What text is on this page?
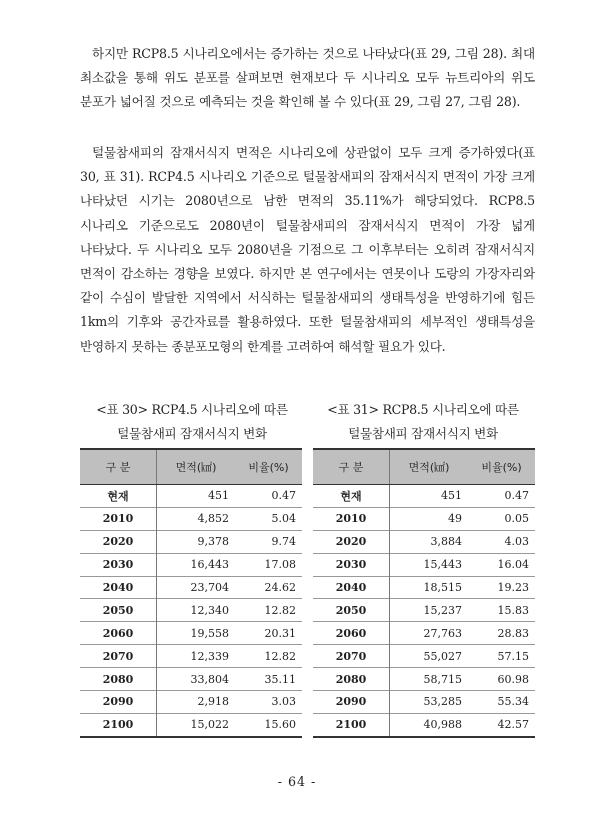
하지만 RCP8.5 시나리오에서는 증가하는 것으로 나타났다(표 29, 그림 28). 최대 최소값을 통해 위도 분포를 살펴보면 현재보다 두 시나리오 모두 뉴트리아의 위도 분포가 넓어질 것으로 예측되는 것을 확인해 볼 수 있다(표 29, 그림 27, 그림 28).

털물참새피의 잠재서식지 면적은 시나리오에 상관없이 모두 크게 증가하였다(표 30, 표 31). RCP4.5 시나리오 기준으로 털물참새피의 잠재서식지 면적이 가장 크게 나타났던 시기는 2080년으로 남한 면적의 35.11%가 해당되었다. RCP8.5 시나리오 기준으로도 2080년이 털물참새피의 잠재서식지 면적이 가장 넓게 나타났다. 두 시나리오 모두 2080년을 기점으로 그 이후부터는 오히려 잠재서식지 면적이 감소하는 경향을 보였다. 하지만 본 연구에서는 연못이나 도랑의 가장자리와 같이 수심이 발달한 지역에서 서식하는 털물참새피의 생태특성을 반영하기에 힘든 1km의 기후와 공간자료를 활용하였다. 또한 털물참새피의 세부적인 생태특성을 반영하지 못하는 종분포모형의 한계를 고려하여 해석할 필요가 있다.

<표 30> RCP4.5 시나리오에 따른 털물참새피 잠재서식지 변화
<표 31> RCP8.5 시나리오에 따른 털물참새피 잠재서식지 변화
구 분	면적(㎢)	비율(%)
현재	451	0.47
2010	4,852	5.04
2020	9,378	9.74
2030	16,443	17.08
2040	23,704	24.62
2050	12,340	12.82
2060	19,558	20.31
2070	12,339	12.82
2080	33,804	35.11
2090	2,918	3.03
2100	15,022	15.60
구 분	면적(㎢)	비율(%)
현재	451	0.47
2010	49	0.05
2020	3,884	4.03
2030	15,443	16.04
2040	18,515	19.23
2050	15,237	15.83
2060	27,763	28.83
2070	55,027	57.15
2080	58,715	60.98
2090	53,285	55.34
2100	40,988	42.57
- 64 -
